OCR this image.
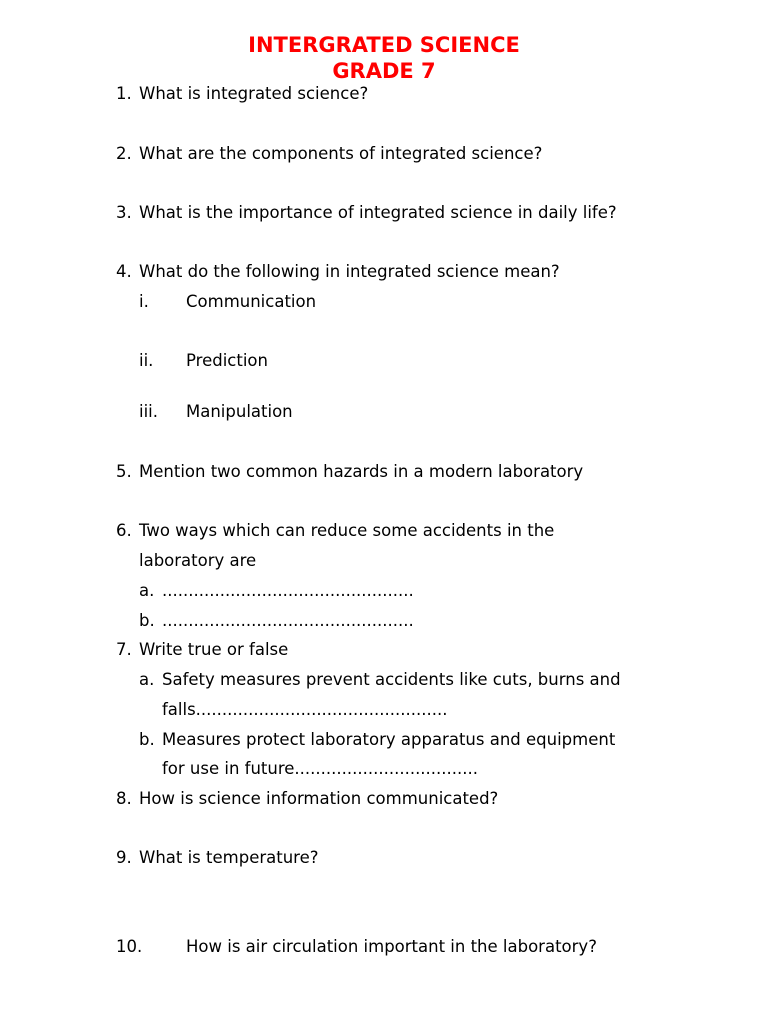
INTERGRATED SCIENCE
GRADE 7
1. What is integrated science?
2. What are the components of integrated science?
3. What is the importance of integrated science in daily life?
4. What do the following in integrated science mean?
i. Communication
ii. Prediction
iii. Manipulation
5. Mention two common hazards in a modern laboratory
6. Two ways which can reduce some accidents in the
laboratory are
a. ................................................
b. ................................................
7. Write true or false
a. Safety measures prevent accidents like cuts, burns and
falls................................................
b. Measures protect laboratory apparatus and equipment
for use in future...................................
8. How is science information communicated?
9. What is temperature?
10.	How is air circulation important in the laboratory?
